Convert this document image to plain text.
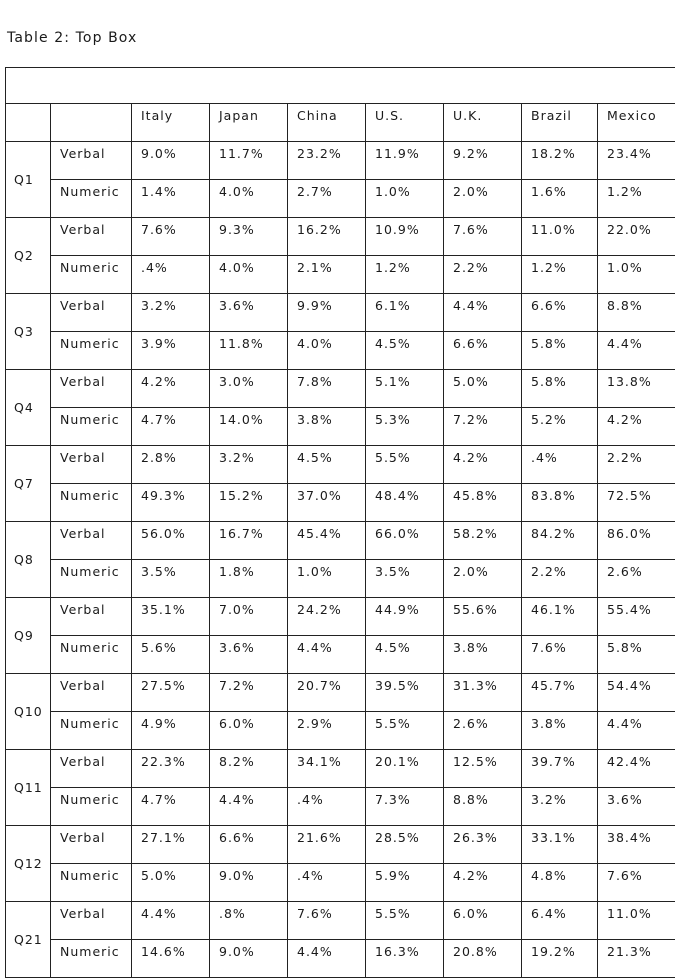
Table 2: Top Box

		Italy	Japan	China	U.S.	U.K.	Brazil	Mexico
Q1	Verbal	9.0%	11.7%	23.2%	11.9%	9.2%	18.2%	23.4%
	Numeric	1.4%	4.0%	2.7%	1.0%	2.0%	1.6%	1.2%
Q2	Verbal	7.6%	9.3%	16.2%	10.9%	7.6%	11.0%	22.0%
	Numeric	.4%	4.0%	2.1%	1.2%	2.2%	1.2%	1.0%
Q3	Verbal	3.2%	3.6%	9.9%	6.1%	4.4%	6.6%	8.8%
	Numeric	3.9%	11.8%	4.0%	4.5%	6.6%	5.8%	4.4%
Q4	Verbal	4.2%	3.0%	7.8%	5.1%	5.0%	5.8%	13.8%
	Numeric	4.7%	14.0%	3.8%	5.3%	7.2%	5.2%	4.2%
Q7	Verbal	2.8%	3.2%	4.5%	5.5%	4.2%	.4%	2.2%
	Numeric	49.3%	15.2%	37.0%	48.4%	45.8%	83.8%	72.5%
Q8	Verbal	56.0%	16.7%	45.4%	66.0%	58.2%	84.2%	86.0%
	Numeric	3.5%	1.8%	1.0%	3.5%	2.0%	2.2%	2.6%
Q9	Verbal	35.1%	7.0%	24.2%	44.9%	55.6%	46.1%	55.4%
	Numeric	5.6%	3.6%	4.4%	4.5%	3.8%	7.6%	5.8%
Q10	Verbal	27.5%	7.2%	20.7%	39.5%	31.3%	45.7%	54.4%
	Numeric	4.9%	6.0%	2.9%	5.5%	2.6%	3.8%	4.4%
Q11	Verbal	22.3%	8.2%	34.1%	20.1%	12.5%	39.7%	42.4%
	Numeric	4.7%	4.4%	.4%	7.3%	8.8%	3.2%	3.6%
Q12	Verbal	27.1%	6.6%	21.6%	28.5%	26.3%	33.1%	38.4%
	Numeric	5.0%	9.0%	.4%	5.9%	4.2%	4.8%	7.6%
Q21	Verbal	4.4%	.8%	7.6%	5.5%	6.0%	6.4%	11.0%
	Numeric	14.6%	9.0%	4.4%	16.3%	20.8%	19.2%	21.3%
